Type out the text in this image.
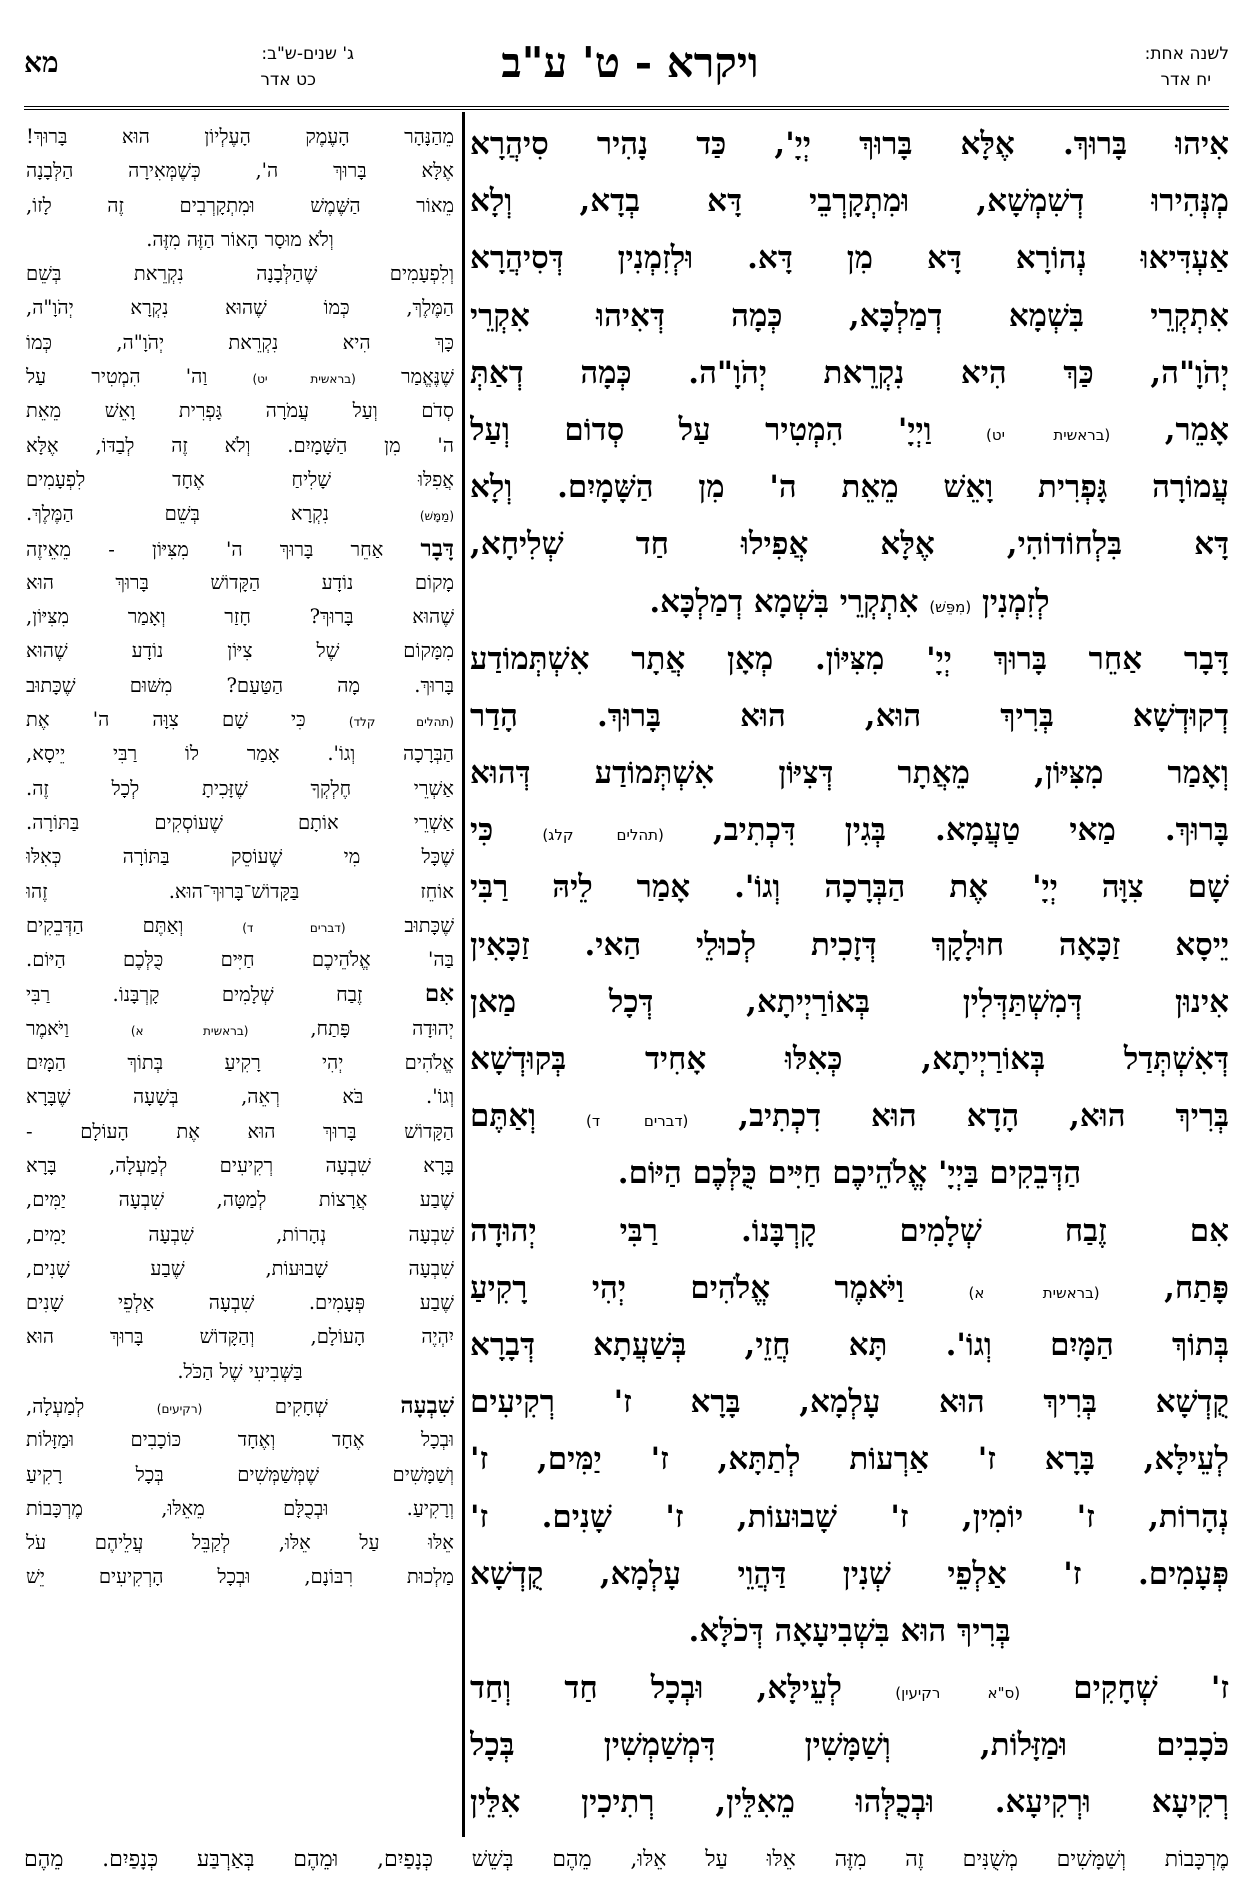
מא	ג' שנים-ש"ב:
כט אדר	ויקרא - ט' ע"ב	לשנה אחת:
יח אדר
אִיהוּ בָּרוּךְ. אֶלָּא בָּרוּךְ יְיָ', כַּד נָהִיר סִיהֲרָא
מְנְּהִירוּ דְשִׁמְשָׁא, וּמִתְקָרְבֵי דָּא בְדָא, וְלָא
אַעְדִּיאוּ נְהוֹרָא דָּא מִן דָּא. וּלְזִמְנִין דְּסִיהֲרָא
אִתְקְרֵי בִּשְׁמָא דְמַלְכָּא, כְּמָה דְּאִיהוּ אִקְרֵי
יְהֹוָ"ה, כַּךְ הִיא נִקְרֵאת יְהֹוָ"ה. כְּמָה דְאַתְּ
אָמֵר, (בראשית יט) וַיְיָ' הִמְטִיר עַל סְדוֹם וְעַל
עֲמוֹרָה גָּפְרִית וָאֵשׁ מֵאֵת ה' מִן הַשָּׁמָיִם. וְלָא
דָּא בִּלְחוֹדוֹהִי, אֶלָּא אֲפִילוּ חַד שְׁלִיחָא,
לְזִמְנִין (מִפֵּשׁ) אִתְקְרֵי בִּשְׁמָא דְמַלְכָּא.
דָּבָר אַחֵר בָּרוּךְ יְיָ' מִצִּיּוֹן. מְאָן אֲתָר אִשְׁתְּמוֹדַע
דְקוּדְשָׁא בְּרִיךְ הוּא, הוּא בָּרוּךְ. הָדַר
וְאָמַר מִצִּיּוֹן, מֵאֲתָר דְּצִיּוֹן אִשְׁתְּמוֹדַע דְּהוּא
בָּרוּךְ. מַאי טַעֲמָא. בְּגִין דִּכְתִיב, (תהלים קלג) כִּי
שָׁם צִוָּה יְיָ' אֶת הַבְּרָכָה וְגוֹ'. אָמַר לֵיהּ רַבִּי
יֵיסָא זַכָּאָה חוּלָקָךְ דְּזָכִית לְכוּלֵי הַאי. זַכָּאִין
אִינוּן דְּמִשְׁתַּדְּלִין בְּאוֹרַיְיתָא, דְּכָל מַאן
דְּאִשְׁתְּדַל בְּאוֹרַיְיתָא, כְּאִלּוּ אָחִיד בְּקוּדְשָׁא
בְּרִיךְ הוּא, הָדָא הוּא דִכְתִיב, (דברים ד) וְאַתֶּם
הַדְּבֵקִים בַּיְיָ' אֱלֹהֵיכֶם חַיִּים כֻּלְּכֶם הַיּוֹם.
אִם זֶבַח שְׁלָמִים קָרְבָּנוֹ. רַבִּי יְהוּדָה
פָּתַח, (בראשית א) וַיֹּאמֶר אֱלֹהִים יְהִי רָקִיעַ
בְּתוֹךְ הַמָּיִם וְגוֹ'. תָּא חֲזֵי, בְּשַׁעֲתָא דְּבָרָא
קֻדְשָׁא בְּרִיךְ הוּא עָלְמָא, בָּרָא ז' רְקִיעִים
לְעֵילָּא, בָּרָא ז' אַרְעוֹת לְתַתָּא, ז' יַמִּים, ז'
נְהָרוֹת, ז' יוֹמִין, ז' שָׁבוּעוֹת, ז' שָׁנִים. ז'
פְּעָמִים. ז' אַלְפֵי שְׁנִין דַּהֲוֵי עָלְמָא, קֻדְשָׁא
בְּרִיךְ הוּא בִּשְׁבִיעָאָה דְּכֹלָּא.
ז' שְׁחָקִים (ס"א רקיעין) לְעֵילָּא, וּבְכָל חַד וְחַד
כֹּכָבִים וּמַזָּלוֹת, וְשַׁמָּשִׁין דִּמְשַׁמְשִׁין בְּכָל
רְקִיעָא וּרְקִיעָא. וּבְכֻלְּהוּ מֵאִלֵּין, רְתִיכִין אִלֵּין
מֵהַנָּהָר הָעֶמֶק הָעֶלְיוֹן הוּא בָּרוּךְ!
אֶלָּא בָּרוּךְ ה', כְּשֶׁמְּאִירָה הַלְּבָנָה
מֵאוֹר הַשֶּׁמֶשׁ וּמִתְקָרְבִים זֶה לָזוֹ,
וְלֹא מוּסָר הָאוֹר הַזֶּה מִזֶּה.
וְלִפְעָמִים שֶׁהַלְּבָנָה נִקְרֵאת בְּשֵׁם
הַמֶּלֶךְ, כְּמוֹ שֶׁהוּא נִקְרָא יְהֹוָ"ה,
כָּךְ הִיא נִקְרֵאת יְהֹוָ"ה, כְּמוֹ
שֶׁנֶּאֱמַר (בראשית יט) וַה' הִמְטִיר עַל
סְדֹם וְעַל עֲמֹרָה גָּפְרִית וָאֵשׁ מֵאֵת
ה' מִן הַשָּׁמָיִם. וְלֹא זֶה לְבַדּוֹ, אֶלָּא
אֲפִלּוּ שָׁלִיחַ אֶחָד לִפְעָמִים
(מַמָּשׁ) נִקְרָא בְּשֵׁם הַמֶּלֶךְ.
דָּבָר אַחֵר בָּרוּךְ ה' מִצִּיּוֹן - מֵאֵיזֶה
מָקוֹם נוֹדָע הַקָּדוֹשׁ בָּרוּךְ הוּא
שֶׁהוּא בָּרוּךְ? חָזַר וְאָמַר מִצִּיּוֹן,
מִמָּקוֹם שֶׁל צִיּוֹן נוֹדָע שֶׁהוּא
בָּרוּךְ. מָה הַטַּעַם? מִשּׁוּם שֶׁכָּתוּב
(תהלים קלד) כִּי שָׁם צִוָּה ה' אֶת
הַבְּרָכָה וְגוֹ'. אָמַר לוֹ רַבִּי יֵיסָא,
אַשְׁרֵי חֶלְקְךָ שֶׁזָּכִיתָ לְכָל זֶה.
אַשְׁרֵי אוֹתָם שֶׁעוֹסְקִים בַּתּוֹרָה.
שֶׁכָּל מִי שֶׁעוֹסֵק בַּתּוֹרָה כְּאִלּוּ
אוֹחֵז בַּקָּדוֹשׁ־בָּרוּךְ־הוּא. זֶהוּ
שֶׁכָּתוּב (דברים ד) וְאַתֶּם הַדְּבֵקִים
בַּה' אֱלֹהֵיכֶם חַיִּים כֻּלְּכֶם הַיּוֹם.
אִם זֶבַח שְׁלָמִים קָרְבָּנוֹ. רַבִּי
יְהוּדָה פָּתַח, (בראשית א) וַיֹּאמֶר
אֱלֹהִים יְהִי רָקִיעַ בְּתוֹךְ הַמָּיִם
וְגוֹ'. בֹּא רְאֵה, בְּשָׁעָה שֶׁבָּרָא
הַקָּדוֹשׁ בָּרוּךְ הוּא אֶת הָעוֹלָם -
בָּרָא שִׁבְעָה רְקִיעִים לְמַעְלָה, בָּרָא
שֶׁבַע אֲרָצוֹת לְמַטָּה, שִׁבְעָה יַמִּים,
שִׁבְעָה נְהָרוֹת, שִׁבְעָה יָמִים,
שִׁבְעָה שָׁבוּעוֹת, שֶׁבַע שָׁנִים,
שֶׁבַע פְּעָמִים. שִׁבְעָה אַלְפֵי שָׁנִים
יִהְיֶה הָעוֹלָם, וְהַקָּדוֹשׁ בָּרוּךְ הוּא
בַּשְּׁבִיעִי שֶׁל הַכֹּל.
שִׁבְעָה שְׁחָקִים (רקיעים) לְמַעְלָה,
וּבְכָל אֶחָד וְאֶחָד כּוֹכָבִים וּמַזָּלוֹת
וְשַׁמָּשִׁים שֶׁמְּשַׁמְּשִׁים בְּכָל רָקִיעַ
וְרָקִיעַ. וּבְכֻלָּם מֵאֵלּוּ, מֶרְכָּבוֹת
אֵלּוּ עַל אֵלּוּ, לְקַבֵּל עֲלֵיהֶם עֹל
מַלְכוּת רִבּוֹנָם, וּבְכָל הָרְקִיעִים יֵשׁ
מֶרְכָּבוֹת וְשַׁמָּשִׁים מְשֻׁנִּים זֶה מִזֶּה אֵלּוּ עַל אֵלּוּ, מֵהֶם בְּשֵׁשׁ כְּנָפַיִם, וּמֵהֶם בְּאַרְבַּע כְּנָפַיִם. מֵהֶם
